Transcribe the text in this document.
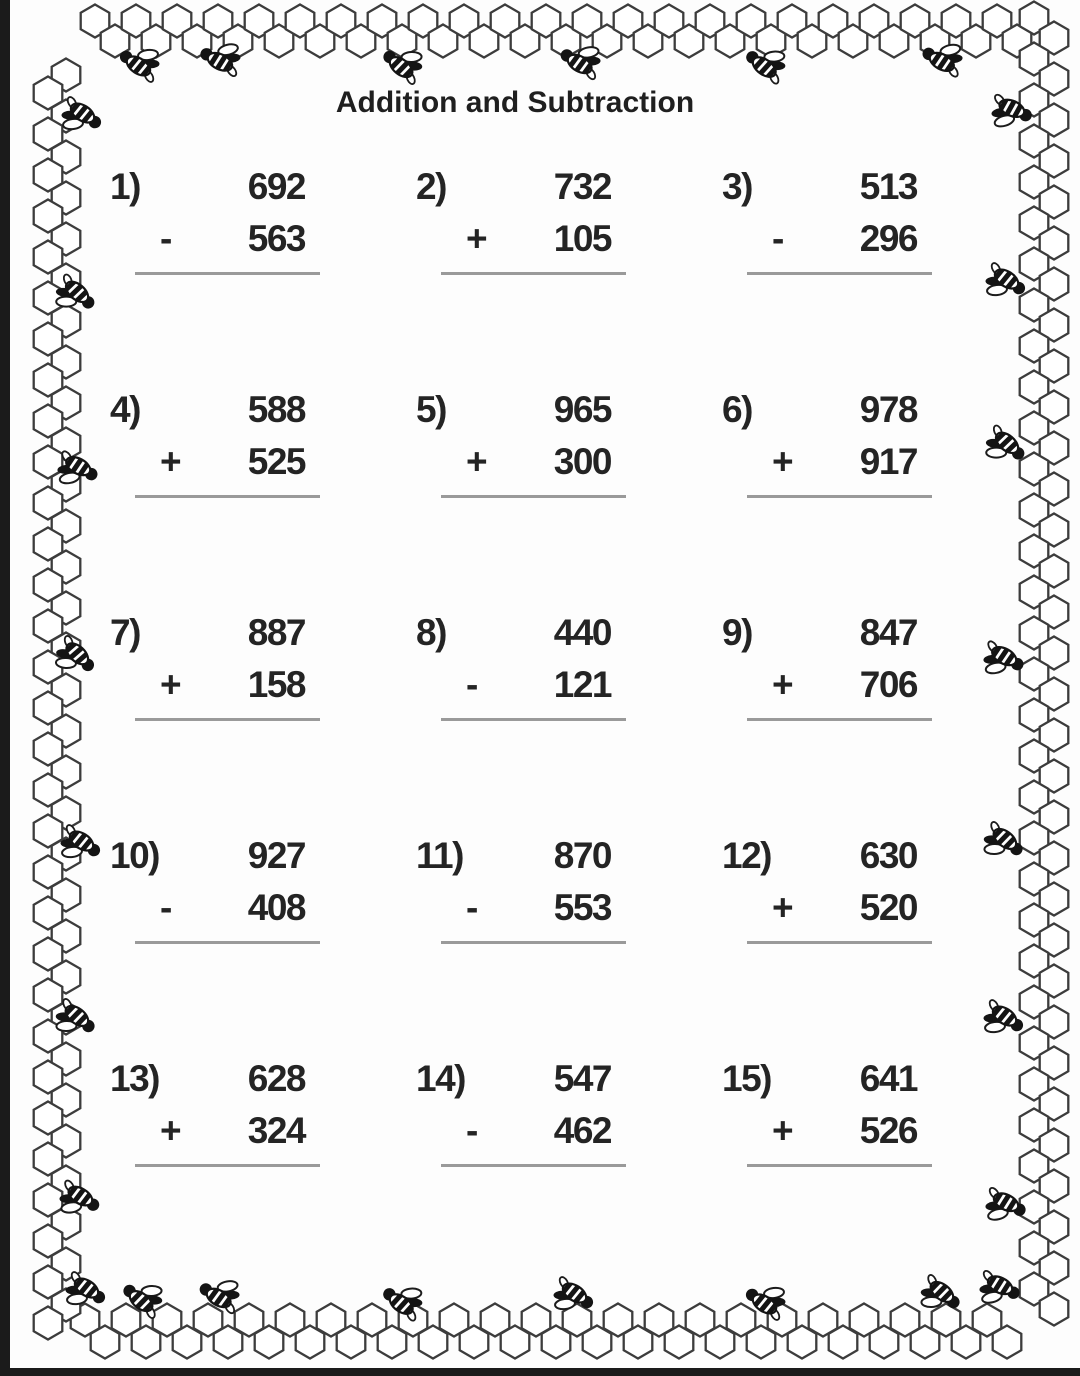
Addition and Subtraction
1)	692
- 563
2)	732
+ 105
3)	513
- 296
4)	588
+ 525
5)	965
+ 300
6)	978
+ 917
7)	887
+ 158
8)	440
- 121
9)	847
+ 706
10) 927
- 408
11) 870
- 553
12) 630
+ 520
13) 628
+ 324
14) 547
- 462
15) 641
+ 526
